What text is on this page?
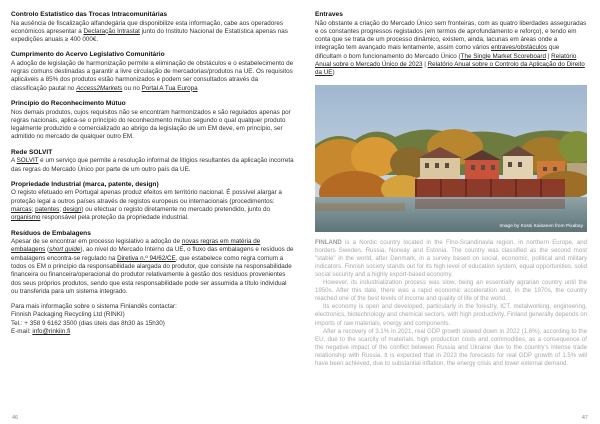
Controlo Estatístico das Trocas Intracomunitárias

Na ausência de fiscalização alfandegária que disponibilize esta informação, cabe aos operadores económicos apresentar a Declaração Intrastat junto do Instituto Nacional de Estatística apenas nas expedições anuais ≥ 400 000€.

Cumprimento do Acervo Legislativo Comunitário

A adoção de legislação de harmonização permite a eliminação de obstáculos e o estabelecimento de regras comuns destinadas a garantir a livre circulação de mercadorias/produtos na UE. Os requisitos aplicáveis a 85% dos produtos estão harmonizados e podem ser consultados através da classificação pautal no Access2Markets ou no Portal A Tua Europa

Princípio do Reconhecimento Mútuo

Nos demais produtos, cujos requisitos não se encontram harmonizados e são regulados apenas por regras nacionais, aplica-se o princípio do reconhecimento mútuo segundo o qual qualquer produto legalmente produzido e comercializado ao abrigo da legislação de um EM deve, em princípio, ser admitido no mercado de qualquer outro EM.

Rede SOLVIT

A SOLVIT é um serviço que permite a resolução informal de litígios resultantes da aplicação incorreta das regras do Mercado Único por parte de um outro país da UE.

Propriedade Industrial (marca, patente, design)

O registo efetuado em Portugal apenas produz efeitos em território nacional. É possível alargar a proteção legal a outros países através de registos europeus ou internacionais (procedimentos: marcas; patentes; design) ou efectuar o registo diretamente no mercado pretendido, junto do organismo responsável pela proteção da propriedade industrial.

Resíduos de Embalagens

Apesar de se encontrar em processo legislativo a adoção de novas regras em matéria de embalagens (short guide), ao nível do Mercado Interno da UE, o fluxo das embalagens e resíduos de embalagens encontra-se regulado na Diretiva n.º 94/62/CE, que estabelece como regra comum a todos os EM o princípio da responsabilidade alargada do produtor, que consiste na responsabilidade financeira ou financeira/operacional do produtor relativamente à gestão dos resíduos provenientes dos seus próprios produtos, sendo que esta responsabilidade pode ser assumida a título individual ou transferida para um sistema integrado.

Para mais informação sobre o sistema Finlandês contactar:

Finnish Packaging Recycling Ltd (RINKI)

Tel.: + 358 9 6162 3500 (dias úteis das 8h30 às 15h30)

E-mail: info@rinkiin.fi

46
Entraves

Não obstante a criação do Mercado Único sem fronteiras, com as quatro liberdades asseguradas e os constantes progressos registados (em termos de aprofundamento e reforço), e tendo em conta que se trata de um processo dinâmico, existem, ainda, lacunas em áreas onde a integração tem avançado mais lentamente, assim como vários entraves/obstáculos que dificultam o bom funcionamento do Mercado Único (The Single Market Scoreboard | Relatório Anual sobre o Mercado Único de 2023 | Relatório Anual sobre o Controlo da Aplicação do Direito da UE)

Image by Kossi Kaisanen from Pixabay

FINLAND is a Nordic country located in the Fino-Scandinavia region, in northern Europe, and borders Sweden, Russia, Norway and Estonia. The country was classified as the second most "stable" in the world, after Denmark, in a survey based on social, economic, political and military indicators. Finnish society stands out for its high level of education system, equal opportunities, solid social security and a highly export-based economy.

However, its industrialization process was slow, being an essentially agrarian country until the 1950s. After this date, there was a rapid economic acceleration and, in the 1970s, the country reached one of the best levels of income and quality of life of the world.

Its economy is open and developed, particularly in the forestry, ICT, metalworking, engineering, electronics, biotechnology and chemical sectors, with high productivity. Finland generally depends on imports of raw materials, energy and components.

After a recovery of 3.1% in 2021, real GDP growth slowed down in 2022 (1.6%), according to the EU, due to the scarcity of materials, high production costs and commodities, as a consequence of the negative impact of the conflict between Russia and Ukraine due to the country's intense trade relationship with Russia. It is expected that in 2023 the forecasts for real GDP growth of 1.5% will have been achieved, due to substantial inflation, the energy crisis and lower external demand.

47
